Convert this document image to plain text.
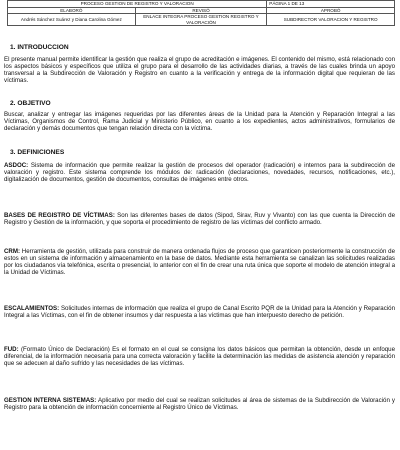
PROCESO GESTION DE REGISTRO Y VALORACION		PÁGINA 1 DE 13
ELABORÓ	REVISÓ	APROBÓ
Andrés Sánchez Suárez y Diana Carolina Gómez	ENLACE INTEGRA PROCESO GESTION REGISTRO Y VALORACIÓN	SUBDIRECTOR VALORACION Y REGISTRO
1. INTRODUCCION

El presente manual permite identificar la gestión que realiza el grupo de acreditación e imágenes. El contenido del mismo, está relacionado con los aspectos básicos y específicos que utiliza el grupo para el desarrollo de las actividades diarias, a través de las cuales brinda un apoyo transversal a la Subdirección de Valoración y Registro en cuanto a la verificación y entrega de la información digital que requieran de las víctimas.

2. OBJETIVO

Buscar, analizar y entregar las imágenes requeridas por las diferentes áreas de la Unidad para la Atención y Reparación Integral a las Víctimas, Organismos de Control, Rama Judicial y Ministerio Público, en cuanto a los expedientes, actos administrativos, formularios de declaración y demás documentos que tengan relación directa con la víctima.

3. DEFINICIONES

ASDOC: Sistema de información que permite realizar la gestión de procesos del operador (radicación) e internos para la subdirección de valoración y registro. Este sistema comprende los módulos de: radicación (declaraciones, novedades, recursos, notificaciones, etc.), digitalización de documentos, gestión de documentos, consultas de imágenes entre otros.

BASES DE REGISTRO DE VÍCTIMAS: Son las diferentes bases de datos (Sipod, Sirav, Ruv y Vivanto) con las que cuenta la Dirección de Registro y Gestión de la información, y que soporta el procedimiento de registro de las víctimas del conflicto armado.

CRM: Herramienta de gestión, utilizada para construir de manera ordenada flujos de proceso que garanticen posteriormente la construcción de estos en un sistema de información y almacenamiento en la base de datos. Mediante esta herramienta se canalizan las solicitudes realizadas por los ciudadanos vía telefónica, escrita o presencial, lo anterior con el fin de crear una ruta única que soporte el modelo de atención integral a la Unidad de Víctimas.

ESCALAMIENTOS: Solicitudes internas de información que realiza el grupo de Canal Escrito PQR de la Unidad para la Atención y Reparación Integral a las Víctimas, con el fin de obtener insumos y dar respuesta a las víctimas que han interpuesto derecho de petición.

FUD: (Formato Único de Declaración) Es el formato en el cual se consigna los datos básicos que permitan la obtención, desde un enfoque diferencial, de la información necesaria para una correcta valoración y facilite la determinación las medidas de asistencia atención y reparación que se adecuen al daño sufrido y las necesidades de las víctimas.

GESTION INTERNA SISTEMAS: Aplicativo por medio del cual se realizan solicitudes al área de sistemas de la Subdirección de Valoración y Registro para la obtención de información concerniente al Registro Único de Víctimas.
